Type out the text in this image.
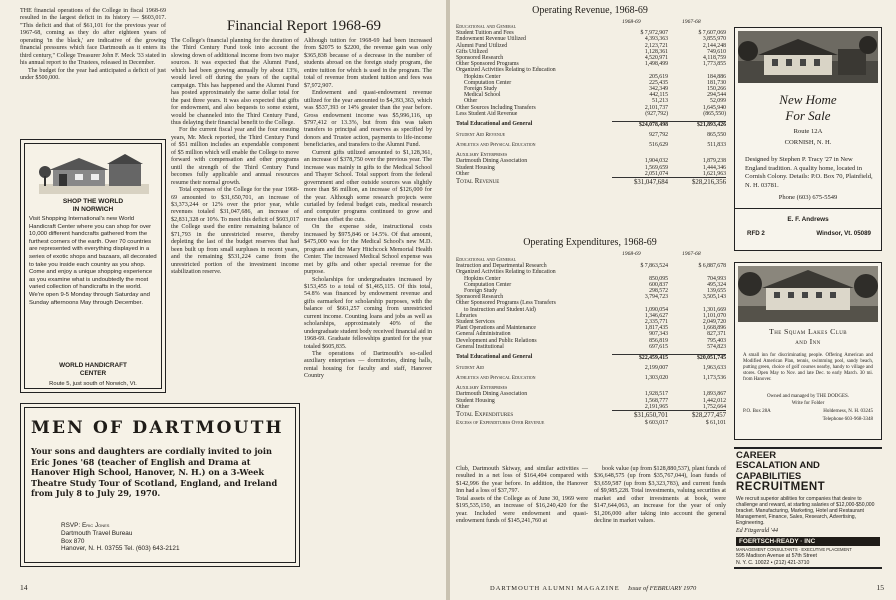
THE financial operations of the College in fiscal 1968-69 resulted in the largest deficit in its history — $603,017. "This deficit and that of $61,101 for the previous year of 1967-68, coming as they do after eighteen years of operating 'in the black,' are indicative of the growing financial pressures which face Dartmouth as it enters its third century," College Treasurer John F. Meck '33 stated in his annual report to the Trustees, released in December.
The budget for the year had anticipated a deficit of just under $500,000.
SHOP THE WORLD
IN NORWICH
Visit Shopping International's new World Handicraft Center where you can shop for over 10,000 different handcrafts gathered from the furthest corners of the earth. Over 70 countries are represented with everything displayed in a series of exotic shops and bazaars, all decorated to take you inside each country as you shop. Come and enjoy a unique shopping experience as you examine what is undoubtedly the most varied collection of handicrafts in the world. We're open 9-5 Monday through Saturday and Sunday afternoons May through December.
WORLD HANDICRAFT
CENTER
Route 5, just south of Norwich, Vt.
Financial Report 1968-69
The College's financial planning for the duration of the Third Century Fund took into account the slowing down of additional income from two major sources. It was expected that the Alumni Fund, which had been growing annually by about 13%, would level off during the years of the capital campaign. This has happened and the Alumni Fund has posted approximately the same dollar total for the past three years. It was also expected that gifts for endowment, and also bequests to some extent, would be channeled into the Third Century Fund, thus delaying their financial benefit to the College.
For the current fiscal year and the four ensuing years, Mr. Meck reported, the Third Century Fund of $51 million includes an expendable component of $5 million which will enable the College to move forward with compensation and other programs until the strength of the Third Century Fund becomes fully applicable and annual resources resume their normal growth.
Total expenses of the College for the year 1968-69 amounted to $31,650,701, an increase of $3,373,244 or 12% over the prior year, while revenues totaled $31,047,686, an increase of $2,831,328 or 10%. To meet this deficit of $603,017 the College used the entire remaining balance of $71,793 in the unrestricted reserve, thereby depleting the last of the budget reserves that had been built up from small surpluses in recent years, and the remaining $531,224 came from the unrestricted portion of the investment income stabilization reserve.
Although tuition for 1968-69 had been increased from $2075 to $2200, the revenue gain was only $365,838 because of a decrease in the number of students abroad on the foreign study program, the entire tuition for which is used in the program. The total of revenue from student tuition and fees was $7,972,907.
Endowment and quasi-endowment revenue utilized for the year amounted to $4,393,363, which was $537,393 or 14% greater than the year before. Gross endowment income was $5,996,116, up $797,412 or 13.3%, but from this was taken transfers to principal and reserves as specified by donors and Trustee action, payments to life-income beneficiaries, and transfers to the Alumni Fund.
Current gifts utilized amounted to $1,128,361, an increase of $378,750 over the previous year. The increase was mainly in gifts to the Medical School and Thayer School. Total support from the federal government and other outside sources was slightly more than $6 million, an increase of $126,000 for the year. Although some research projects were curtailed by federal budget cuts, medical research and computer programs continued to grow and more than offset the cuts.
On the expense side, instructional costs increased by $975,846 or 14.5%. Of that amount, $475,000 was for the Medical School's new M.D. program and the Mary Hitchcock Memorial Health Center. The increased Medical School expense was met by gifts and other special revenue for the purpose.
Scholarships for undergraduates increased by $153,455 to a total of $1,465,115. Of this total, 54.8% was financed by endowment revenue and gifts earmarked for scholarship purposes, with the balance of $661,257 coming from unrestricted current income. Counting loans and jobs as well as scholarships, approximately 40% of the undergraduate student body received financial aid in 1968-69. Graduate fellowships granted for the year totaled $605,835.
The operations of Dartmouth's so-called auxiliary enterprises — dormitories, dining halls, rental housing for faculty and staff, Hanover Country
MEN OF DARTMOUTH
Your sons and daughters are cordially invited to join Eric Jones '68 (teacher of English and Drama at Hanover High School, Hanover, N. H.) on a 3-Week Theatre Study Tour of Scotland, England, and Ireland from July 8 to July 29, 1970.
RSVP: Eric Jones
Dartmouth Travel Bureau
Box 870
Hanover, N. H. 03755 Tel. (603) 643-2121
14
Operating Revenue, 1968-69
1968-69	1967-68
Educational and General		
Student Tuition and Fees	$ 7,972,907	$ 7,607,069
Endowment Revenue Utilized	4,393,363	3,855,970
Alumni Fund Utilized	2,123,721	2,144,248
Gifts Utilized	1,128,361	749,610
Sponsored Research	4,520,971	4,118,759
Other Sponsored Programs	1,498,499	1,773,855
Organized Activities Relating to Education		
Hopkins Center	205,619	184,886
Computation Center	225,435	181,730
Foreign Study	342,349	150,266
Medical School	442,115	294,544
Other	51,213	52,099
Other Sources Including Transfers	2,101,737	1,645,940
Less Student Aid Revenue	(927,792)	(865,550)

Total Educational and General	$24,078,498	$21,893,426

Student Aid Revenue	927,792	865,550

Athletics and Physical Education	516,629	511,833

Auxiliary Enterprises		
Dartmouth Dining Association	1,904,032	1,879,238
Student Housing	1,569,659	1,444,346
Other	2,051,074	1,621,963
Total Revenue	$31,047,684	$28,216,356
Operating Expenditures, 1968-69
1968-69	1967-68
Educational and General		
Instruction and Departmental Research	$ 7,863,524	$ 6,887,678
Organized Activities Relating to Education		
Hopkins Center	850,095	704,993
Computation Center	600,837	495,324
Foreign Study	298,572	139,655
Sponsored Research	3,794,723	3,505,143
Other Sponsored Programs (Less Transfers		
to Instruction and Student Aid)	1,090,054	1,301,669
Libraries	1,346,627	1,101,070
Student Services	2,335,771	2,049,720
Plant Operations and Maintenance	1,817,435	1,668,896
General Administration	907,343	827,371
Development and Public Relations	856,819	795,403
General Institutional	697,615	574,823

Total Educational and General	$22,459,415	$20,051,745

Student Aid	2,199,007	1,963,633

Athletics and Physical Education	1,303,020	1,173,536

Auxiliary Enterprises		
Dartmouth Dining Association	1,928,517	1,893,867
Student Housing	1,568,777	1,442,012
Other	2,191,965	1,752,664
Total Expenditures	$31,650,701	$28,277,457
Excess of Expenditures Over Revenue	$ 603,017	$ 61,101
Club, Dartmouth Skiway, and similar activities — resulted in a net loss of $164,494 compared with $142,996 the year before. In addition, the Hanover Inn had a loss of $37,797.
Total assets of the College as of June 30, 1969 were $195,535,150, an increase of $16,240,420 for the year. Included were endowment and quasi-endowment funds of $145,241,760 at
book value (up from $128,880,537), plant funds of $36,648,575 (up from $35,767,044), loan funds of $3,659,587 (up from $3,323,783), and current funds of $9,985,228. Total investments, valuing securities at market and other investments at book, were $147,644,063, an increase for the year of only $1,206,000 after taking into account the general decline in market values.
New Home
For Sale
Route 12A
CORNISH, N. H.
Designed by Stephen P. Tracy '27 in New England tradition. A quality home, located in Cornish Colony. Details: P.O. Box 70, Plainfield, N. H. 03781.
Phone (603) 675-5549
E. F. Andrews
RFD 2	Windsor, Vt. 05089
The Squam Lakes Club
and Inn
A small inn for discriminating people. Offering American and Modified American Plan, tennis, swimming pool, sandy beach, putting green, choice of golf courses nearby, handy to village and stores. Open May to Nov. and late Dec. to early March. 30 mi. from Hanover.
Owned and managed by THE DODGES.
Write for Folder
P.O. Box 28A	Holderness, N. H. 03245
Telephone 603-968-3348
CAREER
ESCALATION AND
CAPABILITIES
RECRUITMENT
We recruit superior abilities for companies that desire to challenge and reward, at starting salaries of $12,000-$50,000 bracket. Manufacturing, Marketing, Hotel and Restaurant Management, Finance, Sales, Research, Advertising, Engineering.
Ed Fitzgerald '44
FOERTSCH-READY · INC
MANAGEMENT CONSULTANTS · EXECUTIVE PLACEMENT
595 Madison Avenue at 57th Street
N. Y. C. 10022 • (212) 421-3710
DARTMOUTH ALUMNI MAGAZINE Issue of FEBRUARY 1970	15
